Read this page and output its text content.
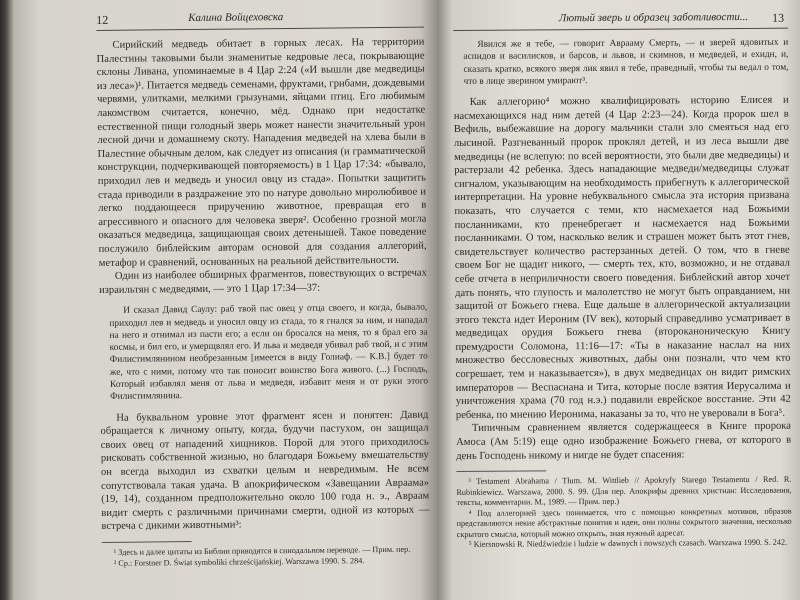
12	Калина Войцеховска

Сирийский медведь обитает в горных лесах. На территории Палестины таковыми были знаменитые кедровые леса, покрывающие склоны Ливана, упоминаемые в 4 Цар 2:24 («И вышли две медведицы из леса»)¹. Питается медведь семенами, фруктами, грибами, дождевыми червями, улитками, мелкими грызунами, яйцами птиц. Его любимым лакомством считается, конечно, мёд. Однако при недостатке естественной пищи голодный зверь может нанести значительный урон лесной дичи и домашнему скоту. Нападения медведей на хлева были в Палестине обычным делом, как следует из описания (и грамматической конструкции, подчеркивающей повторяемость) в 1 Цар 17:34: «бывало, приходил лев и медведь и уносил овцу из стада». Попытки защитить стада приводили в раздражение это по натуре довольно миролюбивое и легко поддающееся приручению животное, превращая его в агрессивного и опасного для человека зверя². Особенно грозной могла оказаться медведица, защищающая своих детенышей. Такое поведение послужило библейским авторам основой для создания аллегорий, метафор и сравнений, основанных на реальной действительности.

Один из наиболее обширных фрагментов, повествующих о встречах израильтян с медведями, — это 1 Цар 17:34—37:

И сказал Давид Саулу: раб твой пас овец у отца своего, и когда, бывало, приходил лев и медведь и уносил овцу из стада, то я гнался за ним, и нападал на него и отнимал из пасти его; а если он бросался на меня, то я брал его за космы, и бил его, и умерщвлял его. И льва и медведя убивал раб твой, и с этим Филистимлянином необрезанным [имеется в виду Голиаф. — К.В.] будет то же, что с ними, потому что так поносит воинство Бога живого. (...) Господь, Который избавлял меня от льва и медведя, избавит меня и от руки этого Филистимлянина.

На буквальном уровне этот фрагмент ясен и понятен: Давид обращается к личному опыту, когда, будучи пастухом, он защищал своих овец от нападений хищников. Порой для этого приходилось рисковать собственной жизнью, но благодаря Божьему вмешательству он всегда выходил из схватки целым и невредимым. Не всем сопутствовала такая удача. В апокрифическом «Завещании Авраама» (19, 14), созданном предположительно около 100 года н. э., Авраам видит смерть с различными причинами смерти, одной из которых — встреча с дикими животными³:

¹ Здесь и далее цитаты из Библии приводятся в синодальном переводе. — Прим. пер.

² Ср.: Forstner D. Świat symboliki chrześcijańskiej. Warszawa 1990. S. 284.

Лютый зверь и образец заботливости... 13

Явился же я тебе, — говорит Аврааму Смерть, — и зверей ядовитых и аспидов и василисков, и барсов, и львов, и скимнов, и медведей, и ехидн, и, сказать кратко, всякого зверя лик явил я тебе, праведный, чтобы ты ведал о том, что в лице зверином умирают³.

Как аллегорию⁴ можно квалифицировать историю Елисея и насмехающихся над ним детей (4 Цар 2:23—24). Когда пророк шел в Вефиль, выбежавшие на дорогу мальчики стали зло смеяться над его лысиной. Разгневанный пророк проклял детей, и из леса вышли две медведицы (не вслепую: по всей вероятности, это были две медведицы) и растерзали 42 ребенка. Здесь нападающие медведи/медведицы служат сигналом, указывающим на необходимость прибегнуть к аллегорической интерпретации. На уровне небуквального смысла эта история призвана показать, что случается с теми, кто насмехается над Божьими посланниками, кто пренебрегает и насмехается над Божьими посланниками. О том, насколько велик и страшен может быть этот гнев, свидетельствует количество растерзанных детей. О том, что в гневе своем Бог не щадит никого, — смерть тех, кто, возможно, и не отдавал себе отчета в неприличности своего поведения. Библейский автор хочет дать понять, что глупость и малолетство не могут быть оправданием, ни защитой от Божьего гнева. Еще дальше в аллегорической актуализации этого текста идет Иероним (IV век), который справедливо усматривает в медведицах орудия Божьего гнева (второканоническую Книгу премудрости Соломона, 11:16—17: «Ты в наказание наслал на них множество бессловесных животных, дабы они познали, что чем кто согрешает, тем и наказывается»), в двух медведицах он видит римских императоров — Веспасиана и Тита, которые после взятия Иерусалима и уничтожения храма (70 год н.э.) подавили еврейское восстание. Эти 42 ребенка, по мнению Иеронима, наказаны за то, что не уверовали в Бога⁵.

Типичным сравнением является содержащееся в Книге пророка Амоса (Ам 5:19) еще одно изображение Божьего гнева, от которого в день Господень никому и нигде не будет спасения:

³ Testament Abrahama / Tłum. M. Wittlieb // Apokryfy Starego Testamentu / Red. R. Rubinkiewicz. Warszawa, 2000. S. 99. (Для пер. Апокрифы древних христиан: Исследования, тексты, комментарии. М., 1989. — Прим. пер.)

⁴ Под аллегорией здесь понимается, что с помощью конкретных мотивов, образов представляются некие абстрактные понятия и идеи, они полны сокрытого значения, несколько скрытого смысла, который можно открыть, зная нужный адресат.

⁵ Kiersnowski R. Niedźwiedzie i ludzie w dawnych i nowszych czasach. Warszawa 1990. S. 242.
